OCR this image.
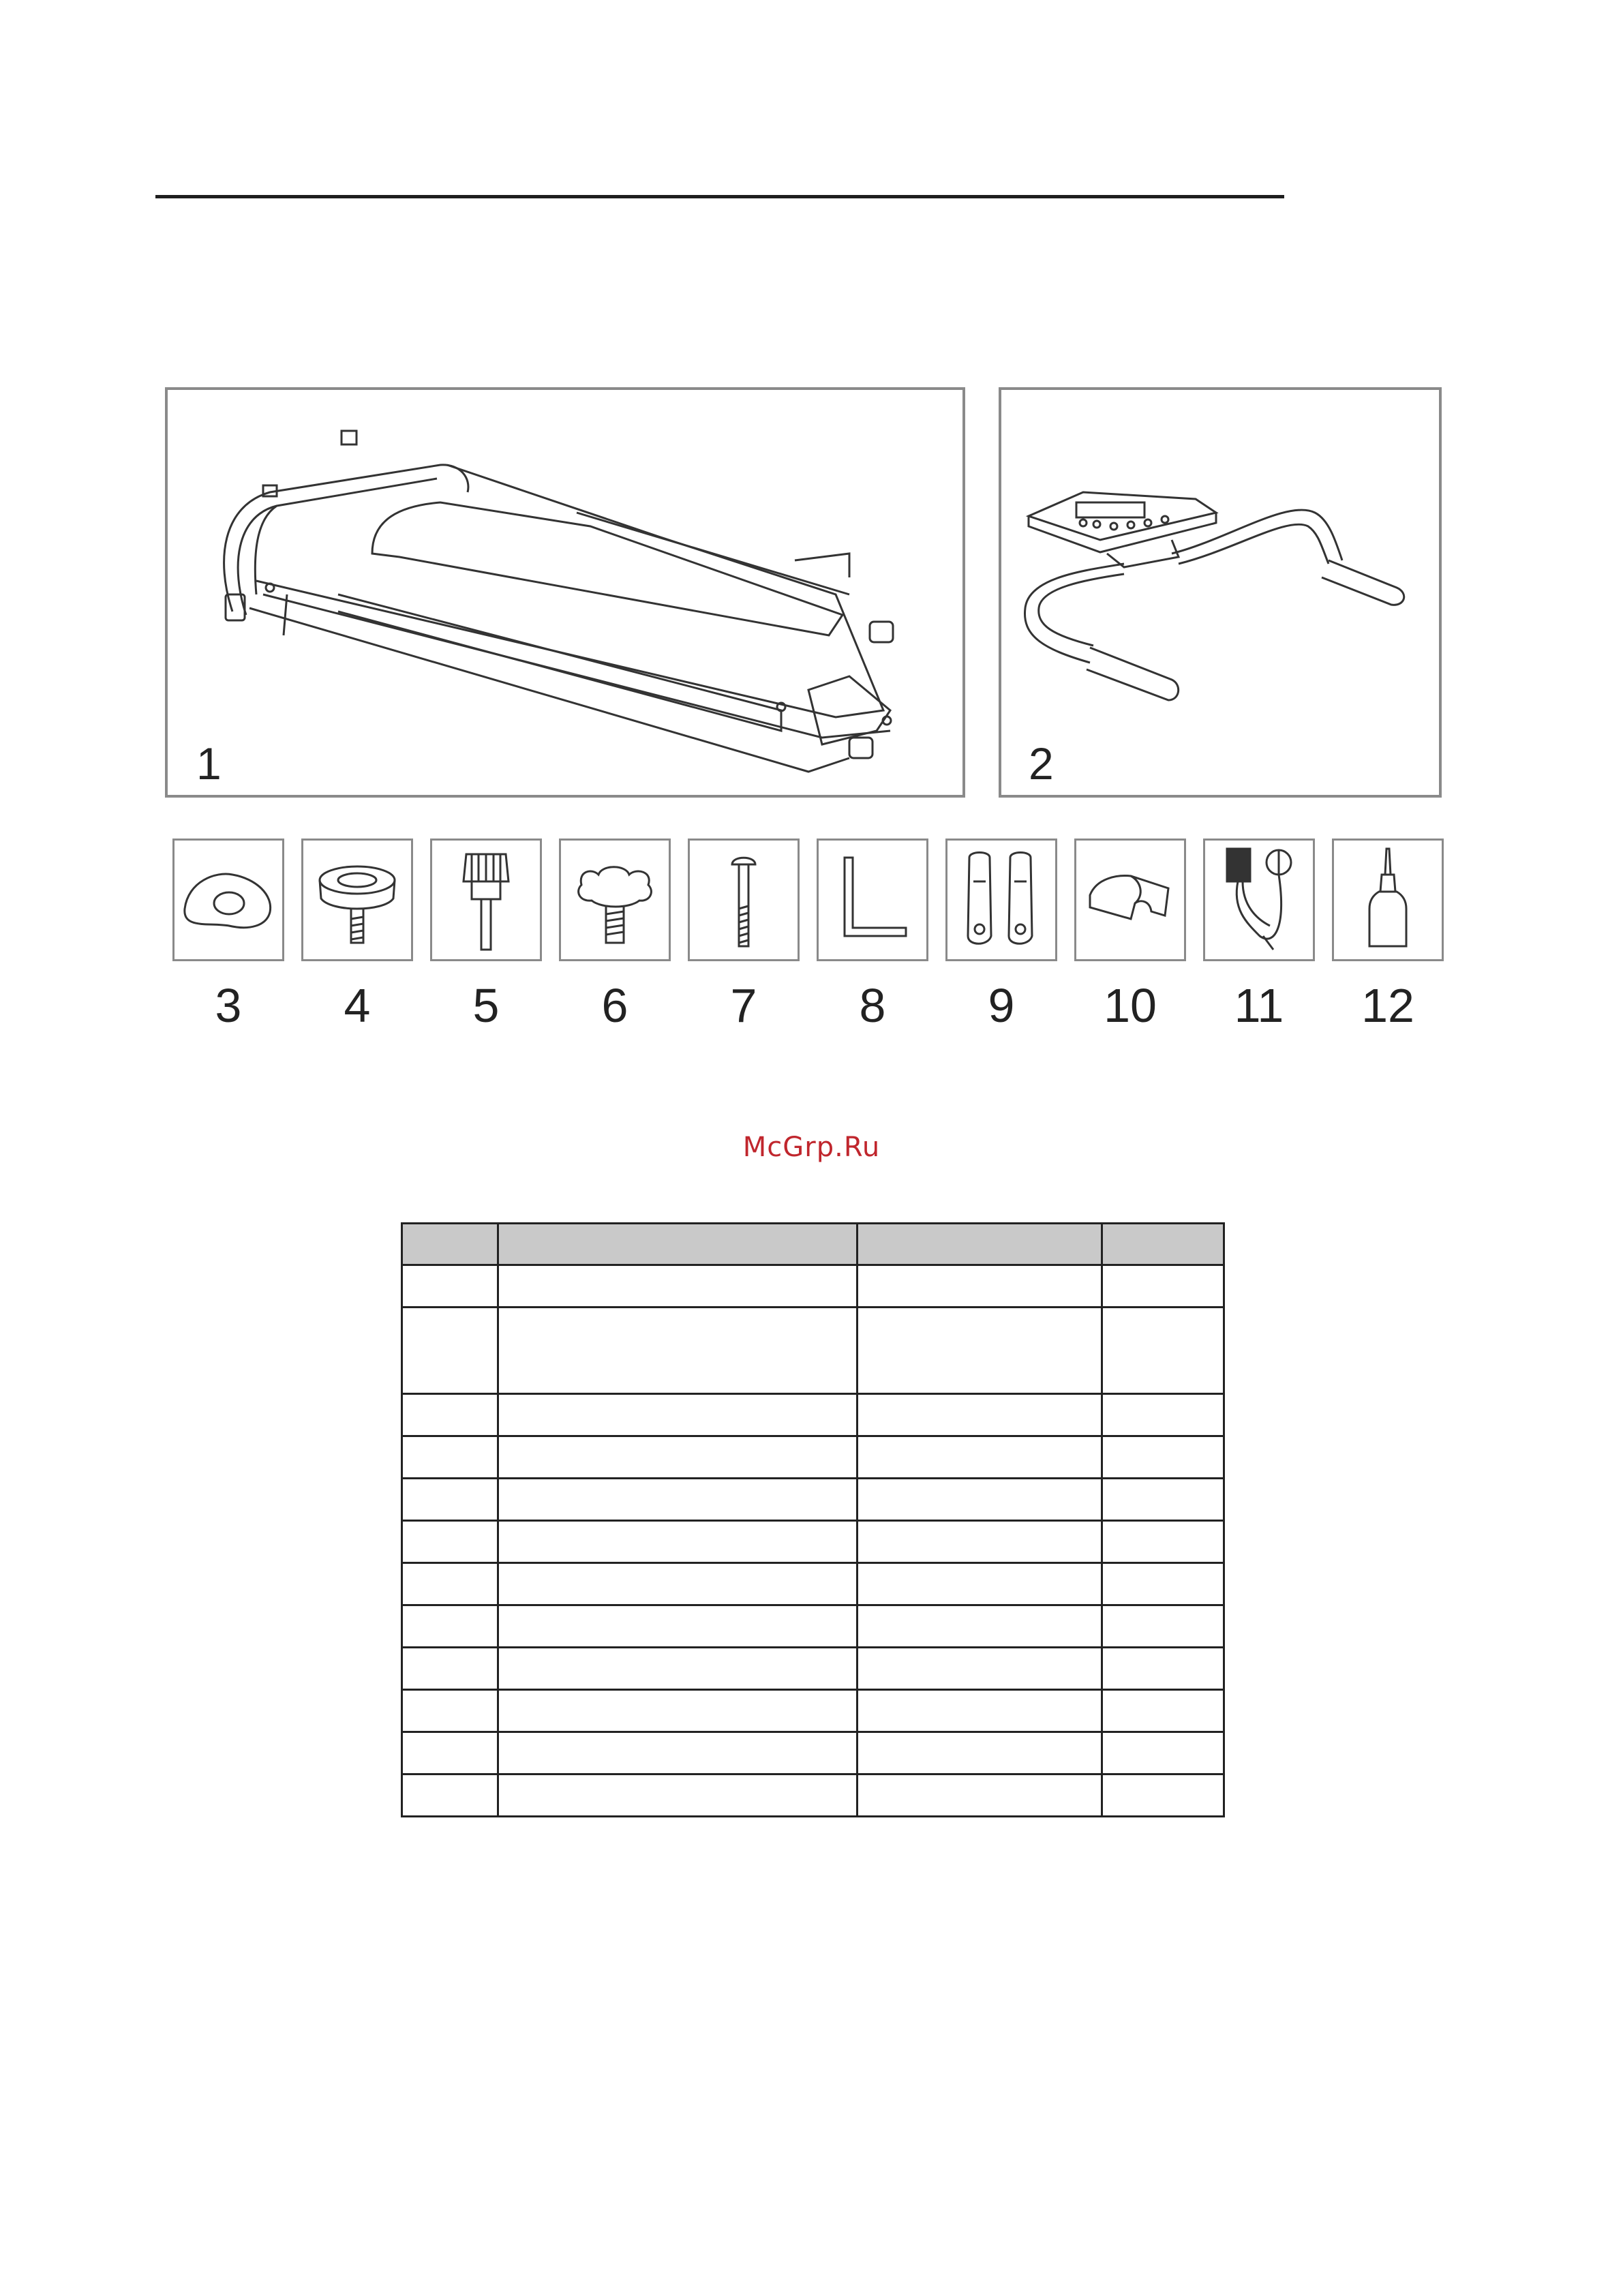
1	2
3	4	5	6	7	8	9	10	11	12
McGrp.Ru
